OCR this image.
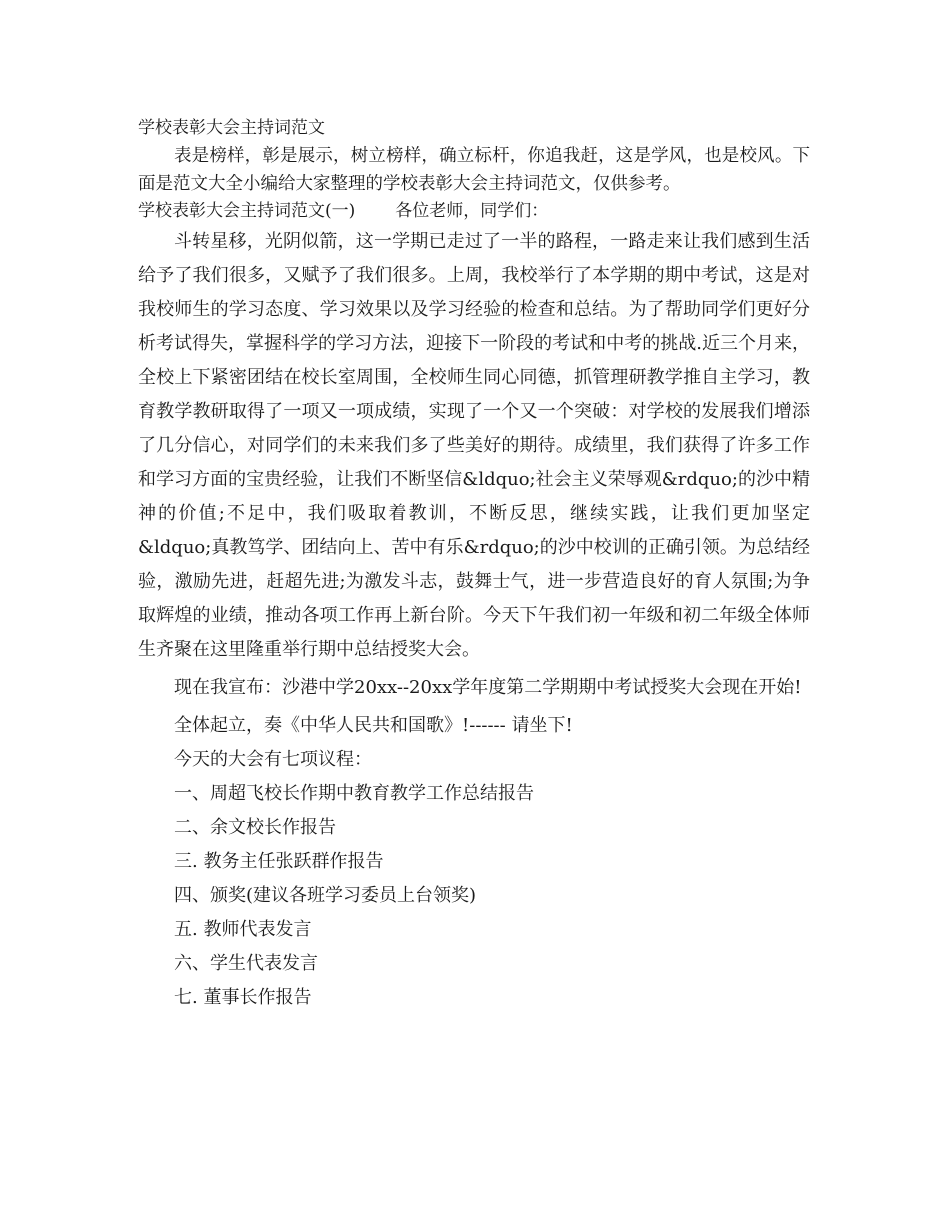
学校表彰大会主持词范文

表是榜样，彰是展示，树立榜样，确立标杆，你追我赶，这是学风，也是校风。下面是范文大全小编给大家整理的学校表彰大会主持词范文，仅供参考。

学校表彰大会主持词范文(一) 各位老师，同学们：

斗转星移，光阴似箭，这一学期已走过了一半的路程，一路走来让我们感到生活给予了我们很多，又赋予了我们很多。上周，我校举行了本学期的期中考试，这是对我校师生的学习态度、学习效果以及学习经验的检查和总结。为了帮助同学们更好分析考试得失，掌握科学的学习方法，迎接下一阶段的考试和中考的挑战.近三个月来，全校上下紧密团结在校长室周围，全校师生同心同德，抓管理研教学推自主学习，教育教学教研取得了一项又一项成绩，实现了一个又一个突破：对学校的发展我们增添了几分信心，对同学们的未来我们多了些美好的期待。成绩里，我们获得了许多工作和学习方面的宝贵经验，让我们不断坚信&ldquo;社会主义荣辱观&rdquo;的沙中精神的价值;不足中，我们吸取着教训，不断反思，继续实践，让我们更加坚定&ldquo;真教笃学、团结向上、苦中有乐&rdquo;的沙中校训的正确引领。为总结经验，激励先进，赶超先进;为激发斗志，鼓舞士气，进一步营造良好的育人氛围;为争取辉煌的业绩，推动各项工作再上新台阶。今天下午我们初一年级和初二年级全体师生齐聚在这里隆重举行期中总结授奖大会。

现在我宣布：沙港中学20xx--20xx学年度第二学期期中考试授奖大会现在开始!

全体起立，奏《中华人民共和国歌》!------ 请坐下!

今天的大会有七项议程：

一、周超飞校长作期中教育教学工作总结报告

二、余文校长作报告

三. 教务主任张跃群作报告

四、颁奖(建议各班学习委员上台领奖)

五. 教师代表发言

六、学生代表发言

七. 董事长作报告
